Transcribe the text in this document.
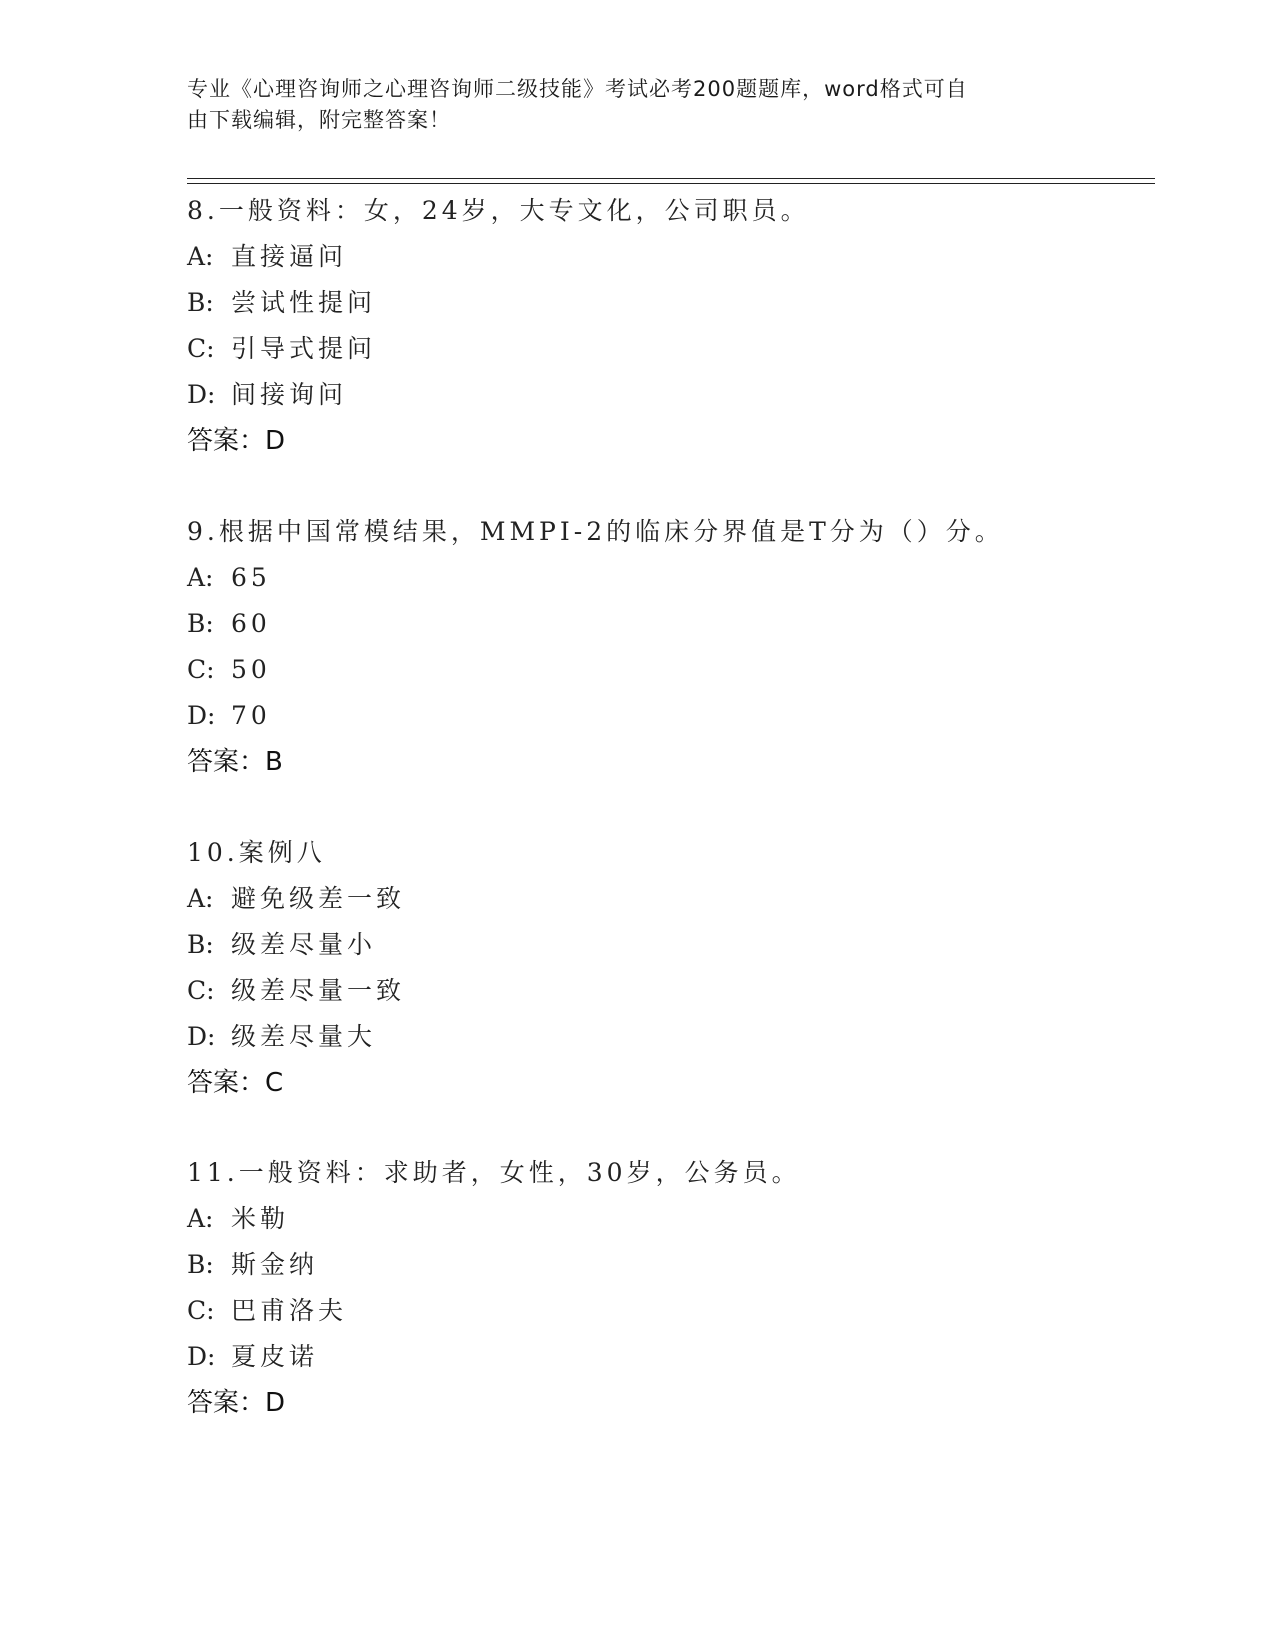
专业《心理咨询师之心理咨询师二级技能》考试必考200题题库，word格式可自
由下载编辑，附完整答案！
8.一般资料：女，24岁，大专文化，公司职员。
A: 直接逼问
B: 尝试性提问
C: 引导式提问
D: 间接询问
答案：D
9.根据中国常模结果，MMPI-2的临床分界值是T分为（）分。
A: 65
B: 60
C: 50
D: 70
答案：B
10.案例八
A: 避免级差一致
B: 级差尽量小
C: 级差尽量一致
D: 级差尽量大
答案：C
11.一般资料：求助者，女性，30岁，公务员。
A: 米勒
B: 斯金纳
C: 巴甫洛夫
D: 夏皮诺
答案：D
